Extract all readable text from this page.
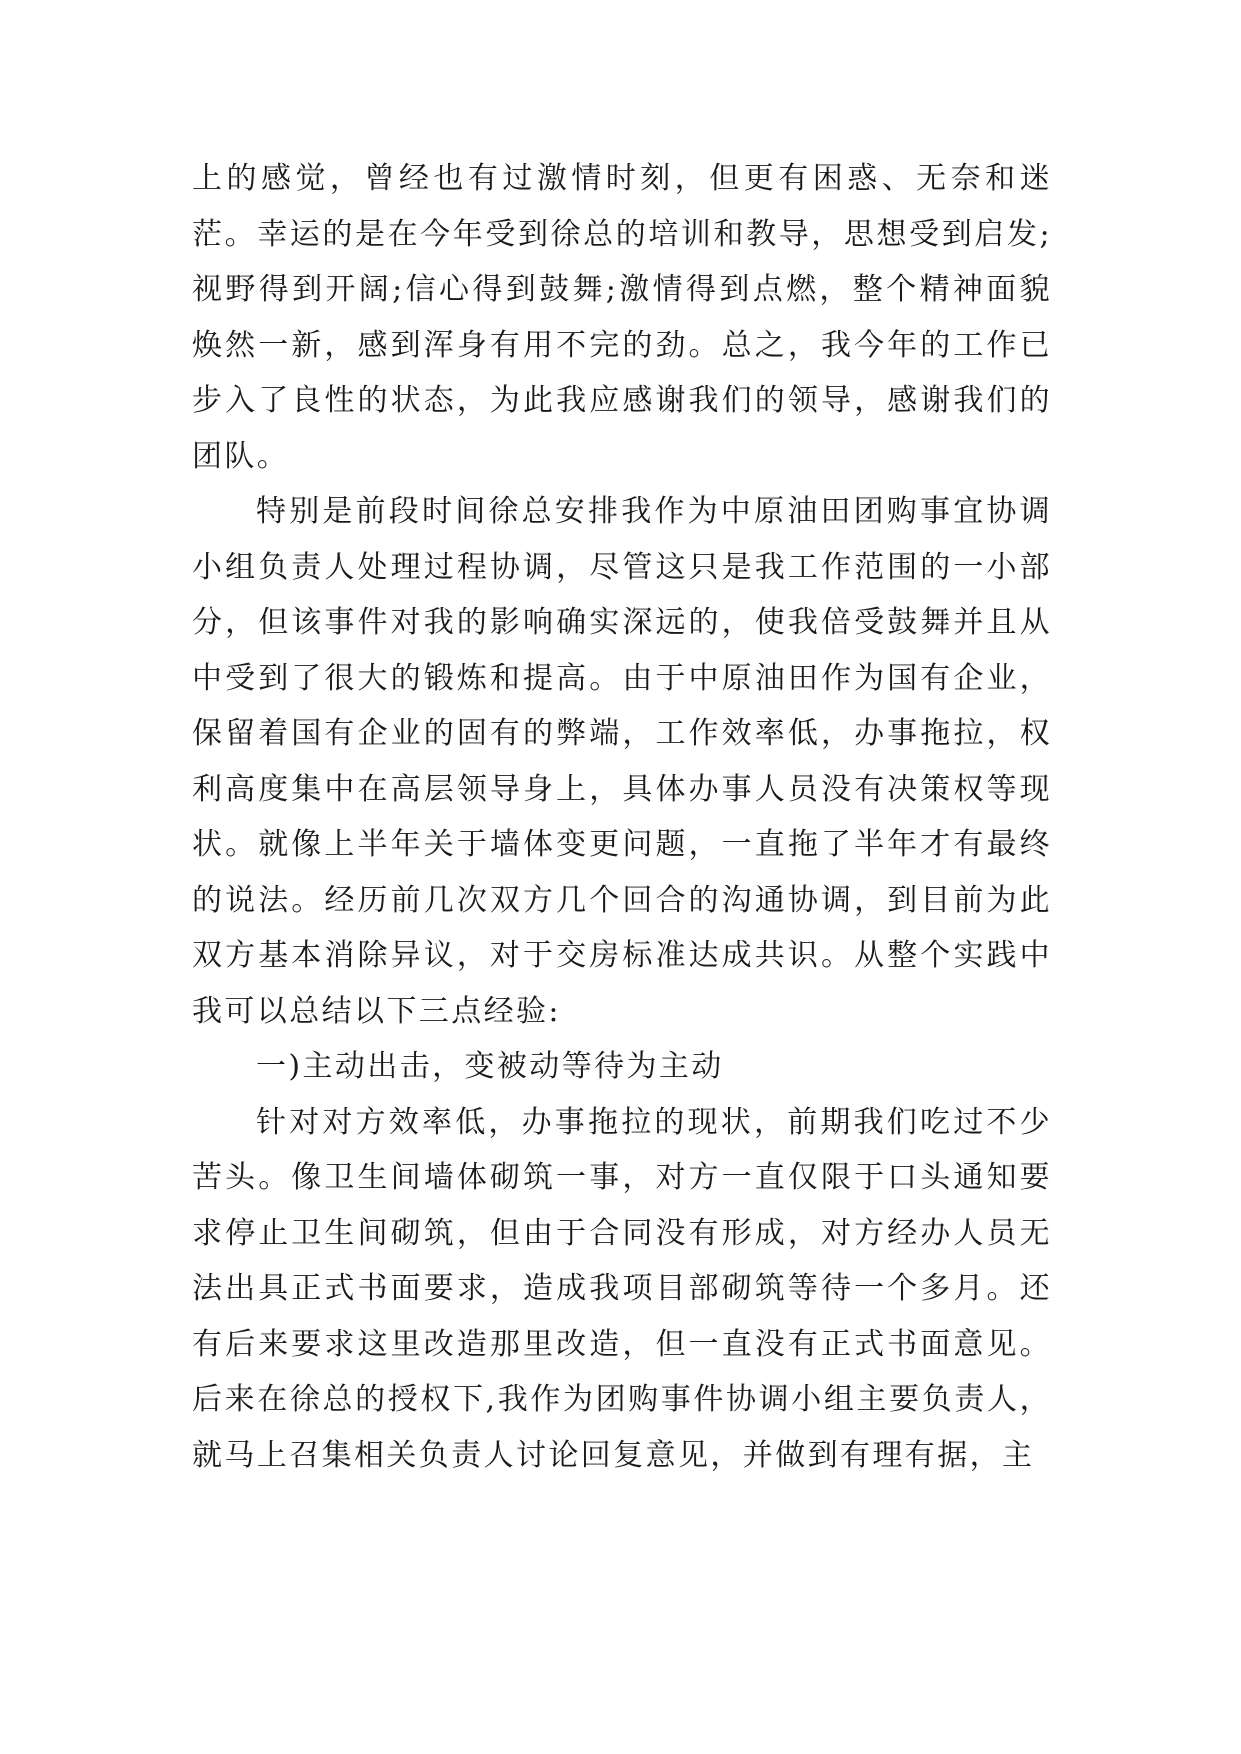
上的感觉，曾经也有过激情时刻，但更有困惑、无奈和迷茫。幸运的是在今年受到徐总的培训和教导，思想受到启发;视野得到开阔;信心得到鼓舞;激情得到点燃，整个精神面貌焕然一新，感到浑身有用不完的劲。总之，我今年的工作已步入了良性的状态，为此我应感谢我们的领导，感谢我们的团队。

特别是前段时间徐总安排我作为中原油田团购事宜协调小组负责人处理过程协调，尽管这只是我工作范围的一小部分，但该事件对我的影响确实深远的，使我倍受鼓舞并且从中受到了很大的锻炼和提高。由于中原油田作为国有企业，保留着国有企业的固有的弊端，工作效率低，办事拖拉，权利高度集中在高层领导身上，具体办事人员没有决策权等现状。就像上半年关于墙体变更问题，一直拖了半年才有最终的说法。经历前几次双方几个回合的沟通协调，到目前为此双方基本消除异议，对于交房标准达成共识。从整个实践中我可以总结以下三点经验:

一)主动出击，变被动等待为主动

针对对方效率低，办事拖拉的现状，前期我们吃过不少苦头。像卫生间墙体砌筑一事，对方一直仅限于口头通知要求停止卫生间砌筑，但由于合同没有形成，对方经办人员无法出具正式书面要求，造成我项目部砌筑等待一个多月。还有后来要求这里改造那里改造，但一直没有正式书面意见。后来在徐总的授权下,我作为团购事件协调小组主要负责人，就马上召集相关负责人讨论回复意见，并做到有理有据，主
